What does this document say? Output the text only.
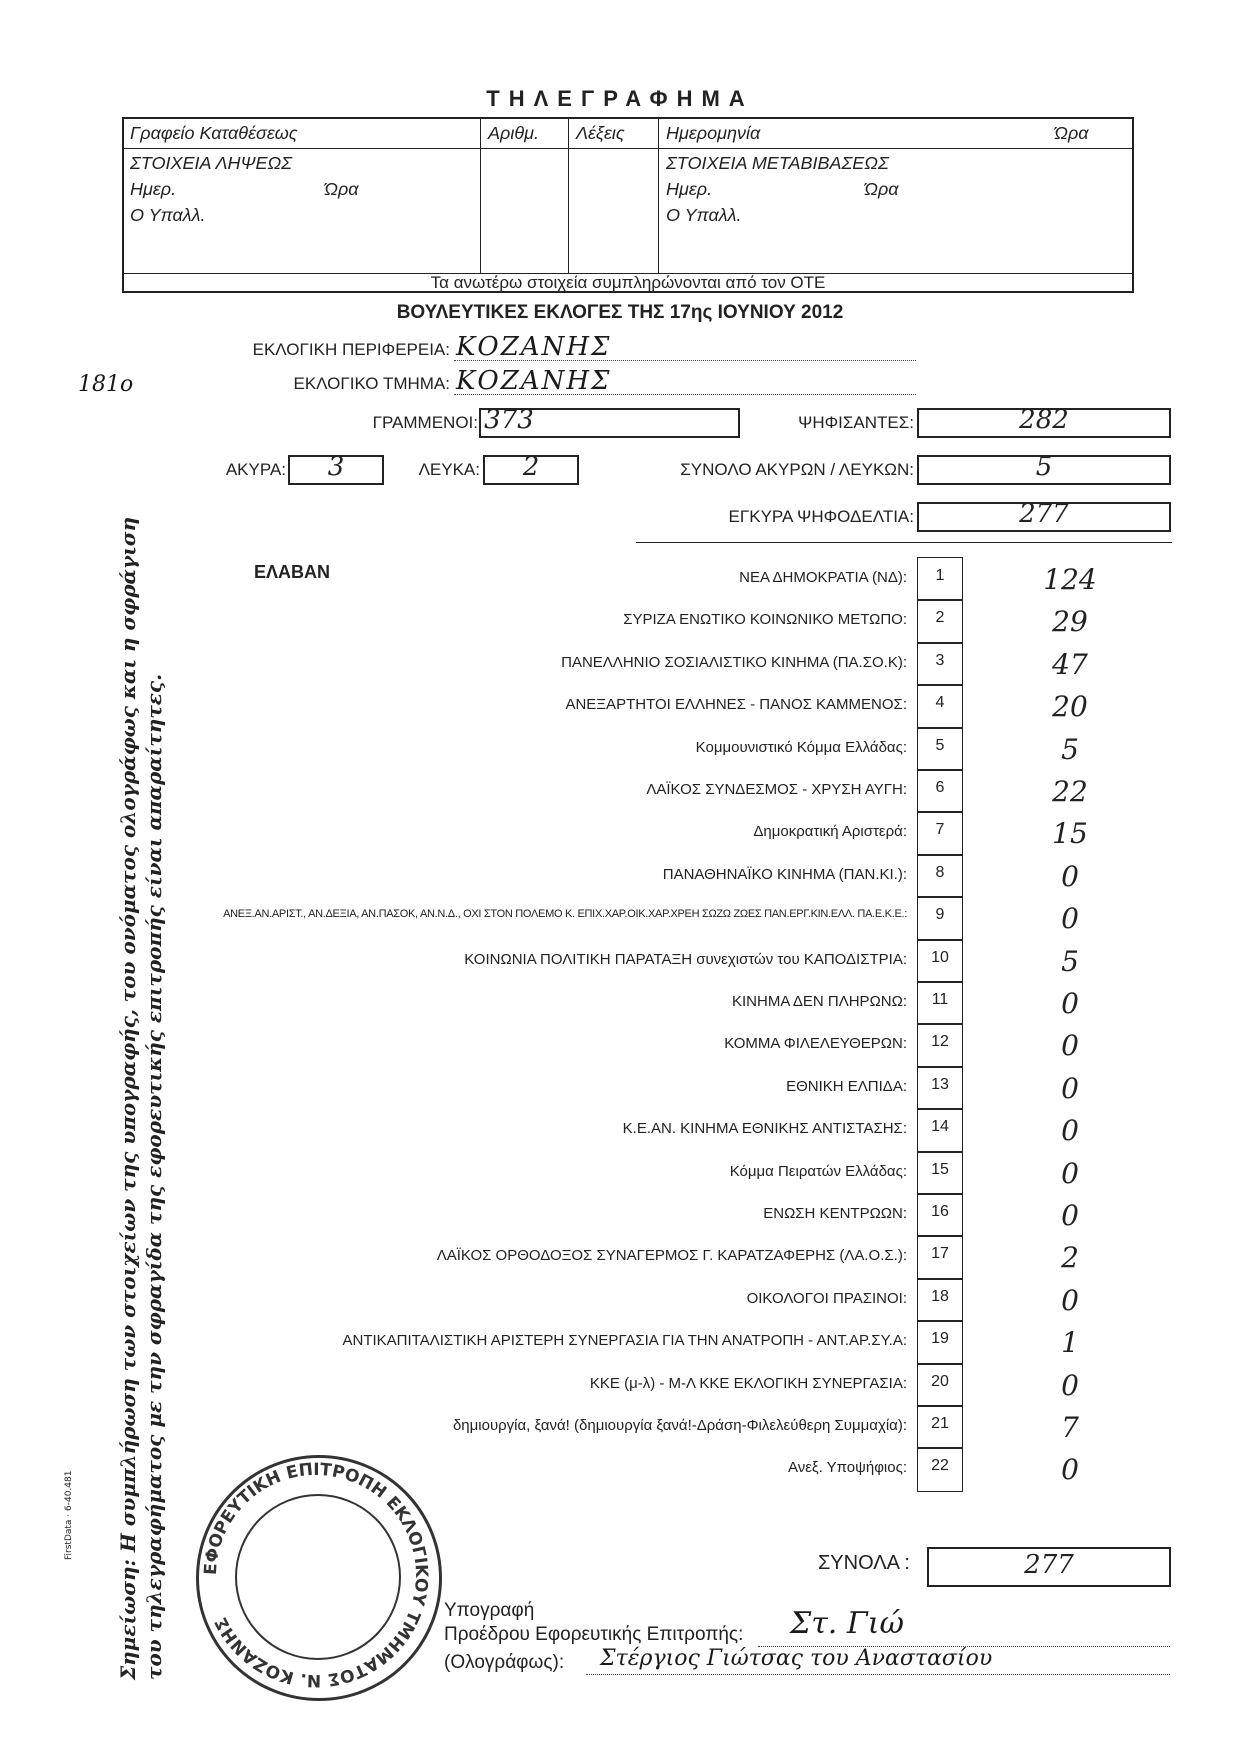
ΤΗΛΕΓΡΑΦΗΜΑ
Γραφείο Καταθέσεως	Αριθμ. Λέξεις Ημερομηνία	Ώρα
ΣΤΟΙΧΕΙΑ ΛΗΨΕΩΣ
Ημερ.	Ώρα
Ο Υπαλλ.
ΣΤΟΙΧΕΙΑ ΜΕΤΑΒΙΒΑΣΕΩΣ
Ημερ.	Ώρα
Ο Υπαλλ.
Τα ανωτέρω στοιχεία συμπληρώνονται από τον ΟΤΕ
ΒΟΥΛΕΥΤΙΚΕΣ ΕΚΛΟΓΕΣ ΤΗΣ 17ης ΙΟΥΝΙΟΥ 2012
ΕΚΛΟΓΙΚΗ ΠΕΡΙΦΕΡΕΙΑ: ΚΟΖΑΝΗΣ
181ο	ΕΚΛΟΓΙΚΟ ΤΜΗΜΑ: ΚΟΖΑΝΗΣ
ΓΡΑΜΜΕΝΟΙ: 373	ΨΗΦΙΣΑΝΤΕΣ:	282
ΑΚΥΡΑ:	3	ΛΕΥΚΑ:	2	ΣΥΝΟΛΟ ΑΚΥΡΩΝ / ΛΕΥΚΩΝ:	5
ΕΓΚΥΡΑ ΨΗΦΟΔΕΛΤΙΑ:	277
ΕΛΑΒΑΝ	ΝΕΑ ΔΗΜΟΚΡΑΤΙΑ (ΝΔ):	1	124
ΣΥΡΙΖΑ ΕΝΩΤΙΚΟ ΚΟΙΝΩΝΙΚΟ ΜΕΤΩΠΟ:	2	29
ΠΑΝΕΛΛΗΝΙΟ ΣΟΣΙΑΛΙΣΤΙΚΟ ΚΙΝΗΜΑ (ΠΑ.ΣΟ.Κ):	3	47
ΑΝΕΞΑΡΤΗΤΟΙ ΕΛΛΗΝΕΣ - ΠΑΝΟΣ ΚΑΜΜΕΝΟΣ:	4	20
Κομμουνιστικό Κόμμα Ελλάδας:	5	5
ΛΑΪΚΟΣ ΣΥΝΔΕΣΜΟΣ - ΧΡΥΣΗ ΑΥΓΗ:	6	22
Δημοκρατική Αριστερά:	7	15
ΠΑΝΑΘΗΝΑΪΚΟ ΚΙΝΗΜΑ (ΠΑΝ.ΚΙ.):	8	0
ΑΝΕΞ.ΑΝ.ΑΡΙΣΤ., ΑΝ.ΔΕΞΙΑ, ΑΝ.ΠΑΣΟΚ, ΑΝ.Ν.Δ., ΟΧΙ ΣΤΟΝ ΠΟΛΕΜΟ Κ. ΕΠΙΧ.ΧΑΡ.ΟΙΚ.ΧΑΡ.ΧΡΕΗ ΣΩΖΩ ΖΩΕΣ ΠΑΝ.ΕΡΓ.ΚΙΝ.ΕΛΛ. ΠΑ.Ε.Κ.Ε.:	9	0
ΚΟΙΝΩΝΙΑ ΠΟΛΙΤΙΚΗ ΠΑΡΑΤΑΞΗ συνεχιστών του ΚΑΠΟΔΙΣΤΡΙΑ:	10	5
ΚΙΝΗΜΑ ΔΕΝ ΠΛΗΡΩΝΩ:	11	0
ΚΟΜΜΑ ΦΙΛΕΛΕΥΘΕΡΩΝ:	12	0
ΕΘΝΙΚΗ ΕΛΠΙΔΑ:	13	0
Κ.Ε.ΑΝ. ΚΙΝΗΜΑ ΕΘΝΙΚΗΣ ΑΝΤΙΣΤΑΣΗΣ:	14	0
Κόμμα Πειρατών Ελλάδας:	15	0
ΕΝΩΣΗ ΚΕΝΤΡΩΩΝ:	16	0
ΛΑΪΚΟΣ ΟΡΘΟΔΟΞΟΣ ΣΥΝΑΓΕΡΜΟΣ Γ. ΚΑΡΑΤΖΑΦΕΡΗΣ (ΛΑ.Ο.Σ.):	17	2
ΟΙΚΟΛΟΓΟΙ ΠΡΑΣΙΝΟΙ:	18	0
ΑΝΤΙΚΑΠΙΤΑΛΙΣΤΙΚΗ ΑΡΙΣΤΕΡΗ ΣΥΝΕΡΓΑΣΙΑ ΓΙΑ ΤΗΝ ΑΝΑΤΡΟΠΗ - ΑΝΤ.ΑΡ.ΣΥ.Α:	19	1
ΚΚΕ (μ-λ) - Μ-Λ ΚΚΕ ΕΚΛΟΓΙΚΗ ΣΥΝΕΡΓΑΣΙΑ:	20	0
δημιουργία, ξανά! (δημιουργία ξανά!-Δράση-Φιλελεύθερη Συμμαχία):	21	7
Ανεξ. Υποψήφιος:	22	0
ΣΥΝΟΛΑ :	277
Υπογραφή
Προέδρου Εφορευτικής Επιτροπής: Στ. Γιώ
(Ολογράφως): Στέργιος Γιώτσας του Αναστασίου
ΕΦΟΡΕΥΤΙΚΗ ΕΠΙΤΡΟΠΗ ΕΚΛΟΓΙΚΟΥ ΤΜΗΜΑΤΟΣ Ν. ΚΟΖΑΝΗΣ
Σημείωση: Η συμπλήρωση των στοιχείων της υπογραφής, του ονόματος ολογράφως και η σφράγιση του τηλεγραφήματος με την σφραγίδα της εφορευτικής επιτροπής είναι απαραίτητες.
FirstData · 6-40.481
